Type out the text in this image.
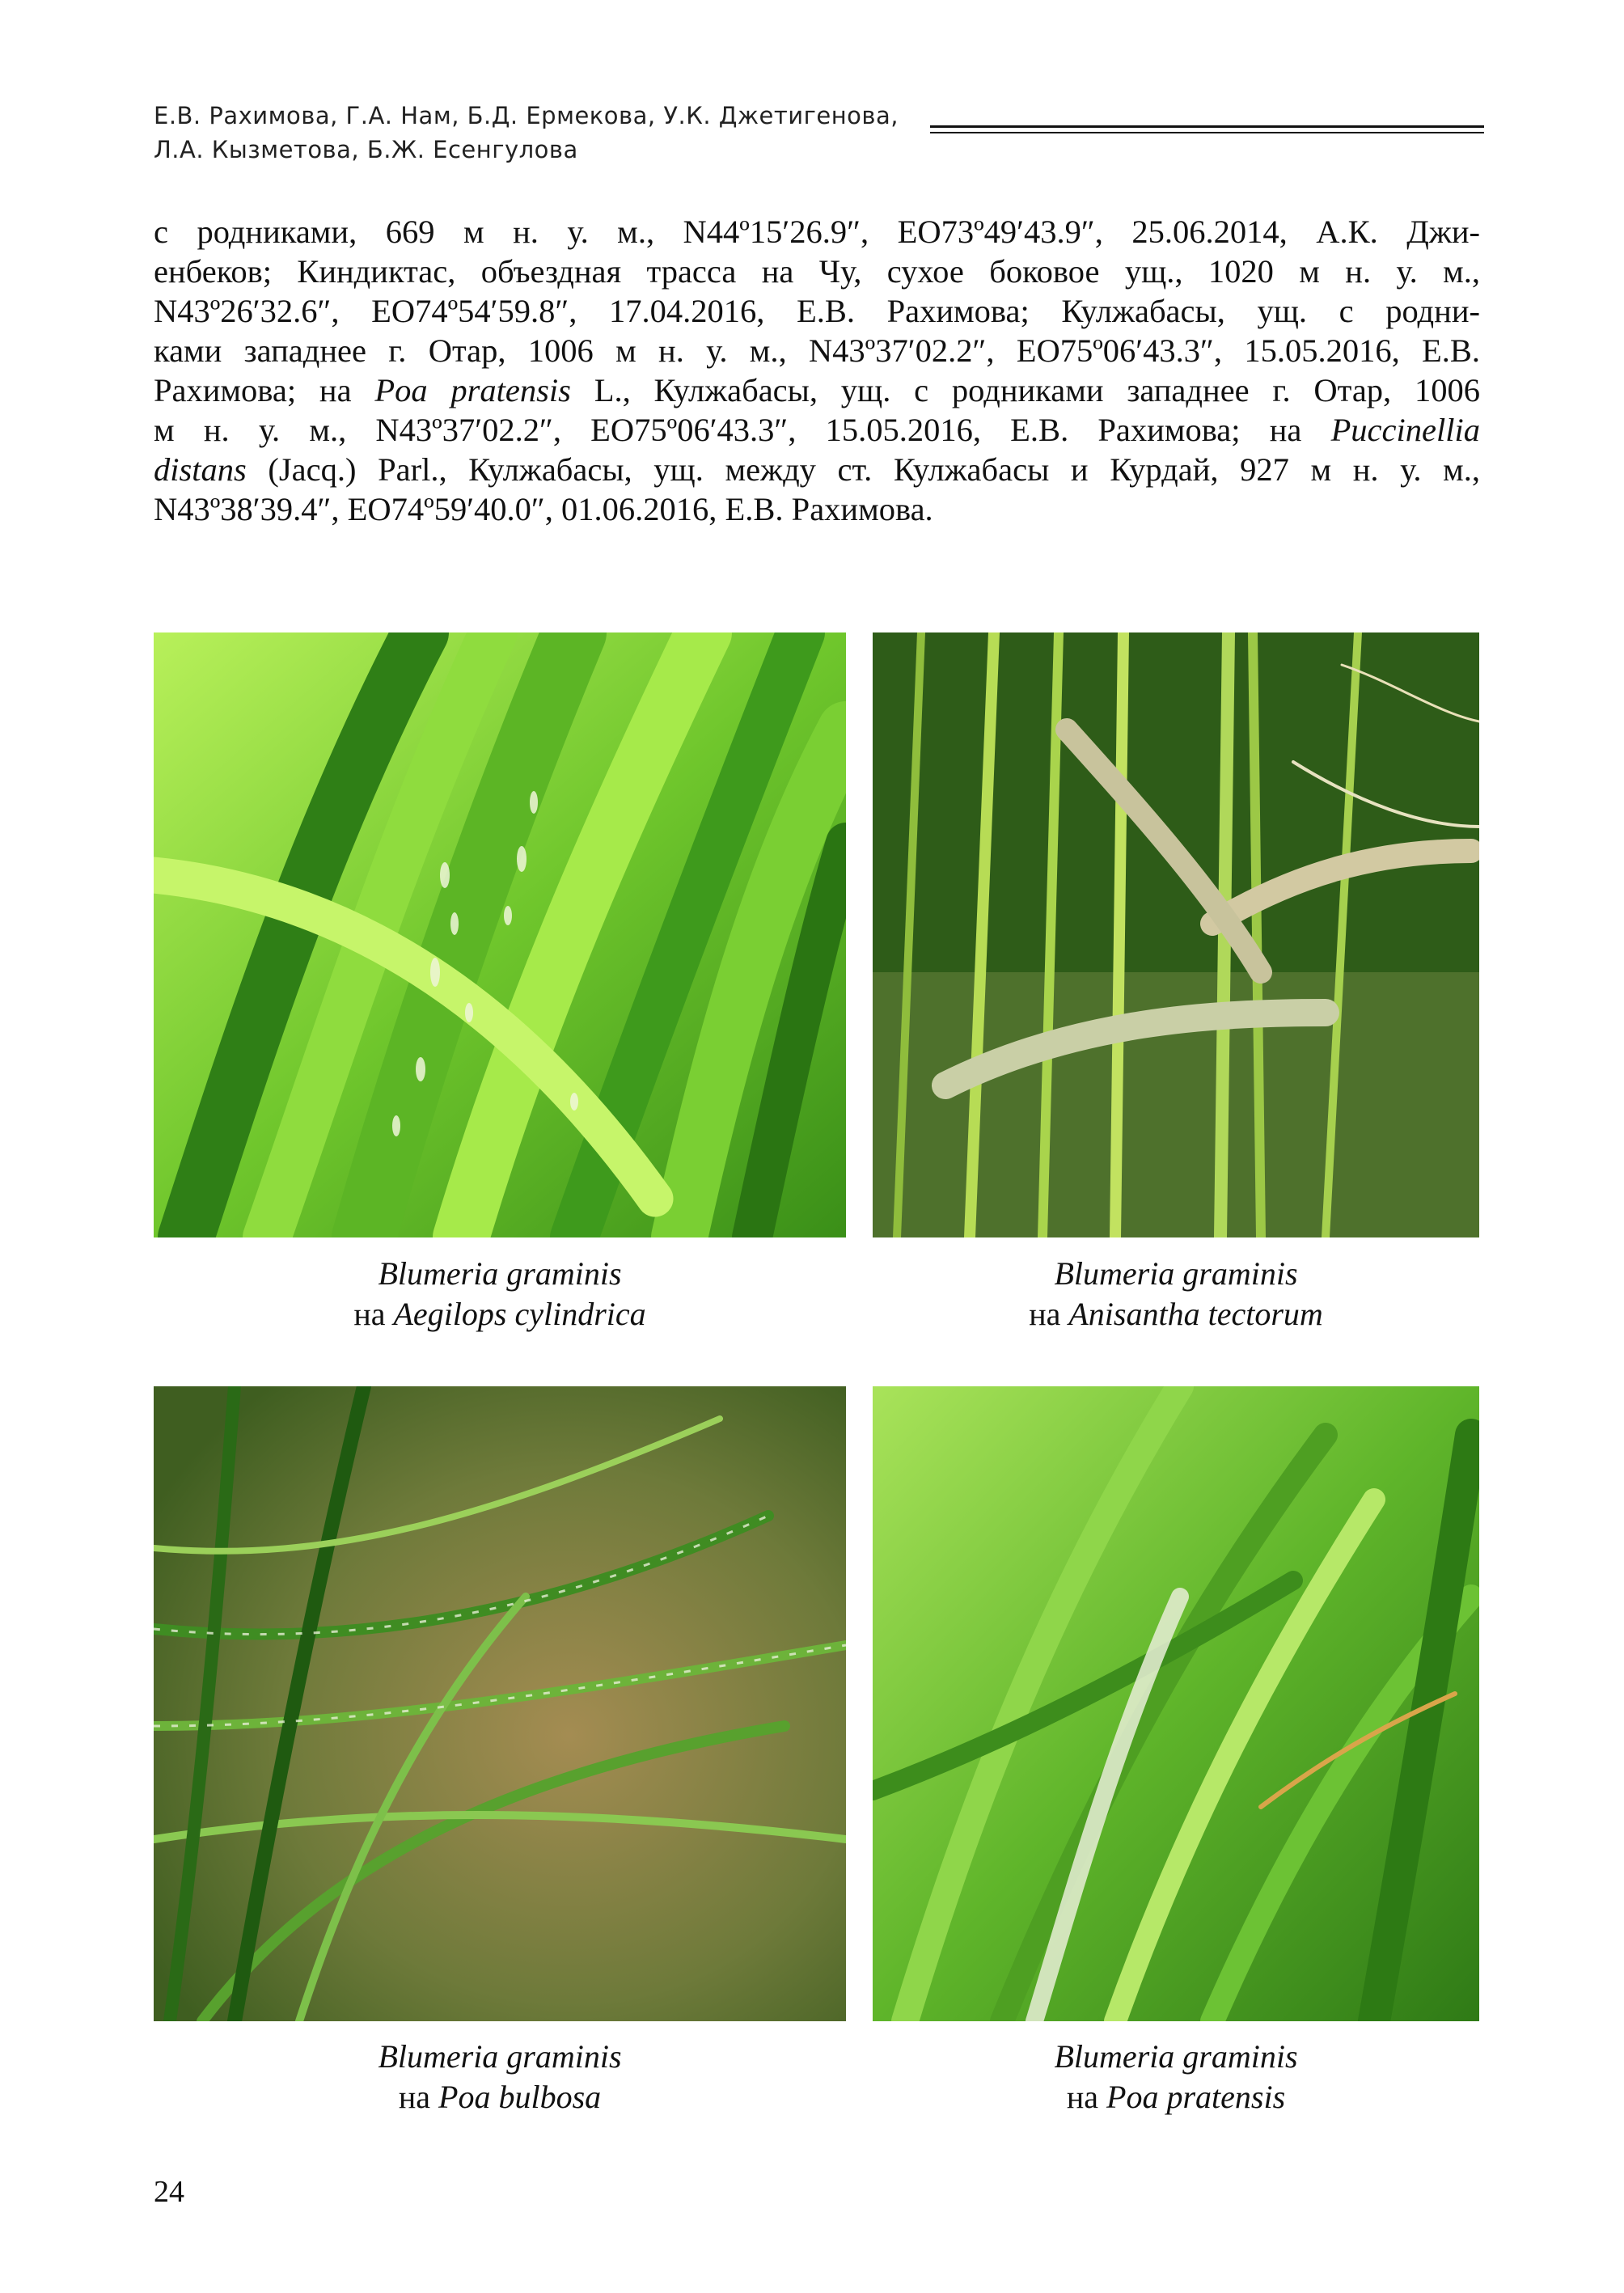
Е.В. Рахимова, Г.А. Нам, Б.Д. Ермекова, У.К. Джетигенова,
Л.А. Кызметова, Б.Ж. Есенгулова

с родниками, 669 м н. у. м., N44º15′26.9″, EO73º49′43.9″, 25.06.2014, А.К. Джи-

енбеков; Киндиктас, объездная трасса на Чу, сухое боковое ущ., 1020 м н. у. м.,

N43º26′32.6″, EO74º54′59.8″, 17.04.2016, Е.В. Рахимова; Кулжабасы, ущ. с родни-

ками западнее г. Отар, 1006 м н. у. м., N43º37′02.2″, EO75º06′43.3″, 15.05.2016, Е.В.

Рахимова; на Poa pratensis L., Кулжабасы, ущ. с родниками западнее г. Отар, 1006

м н. у. м., N43º37′02.2″, EO75º06′43.3″, 15.05.2016, Е.В. Рахимова; на Puccinellia

distans (Jacq.) Parl., Кулжабасы, ущ. между ст. Кулжабасы и Курдай, 927 м н. у. м.,

N43º38′39.4″, EO74º59′40.0″, 01.06.2016, Е.В. Рахимова.

Blumeria graminis
на Aegilops cylindrica
Blumeria graminis
на Anisantha tectorum
Blumeria graminis
на Poa bulbosa
Blumeria graminis
на Poa pratensis
24
